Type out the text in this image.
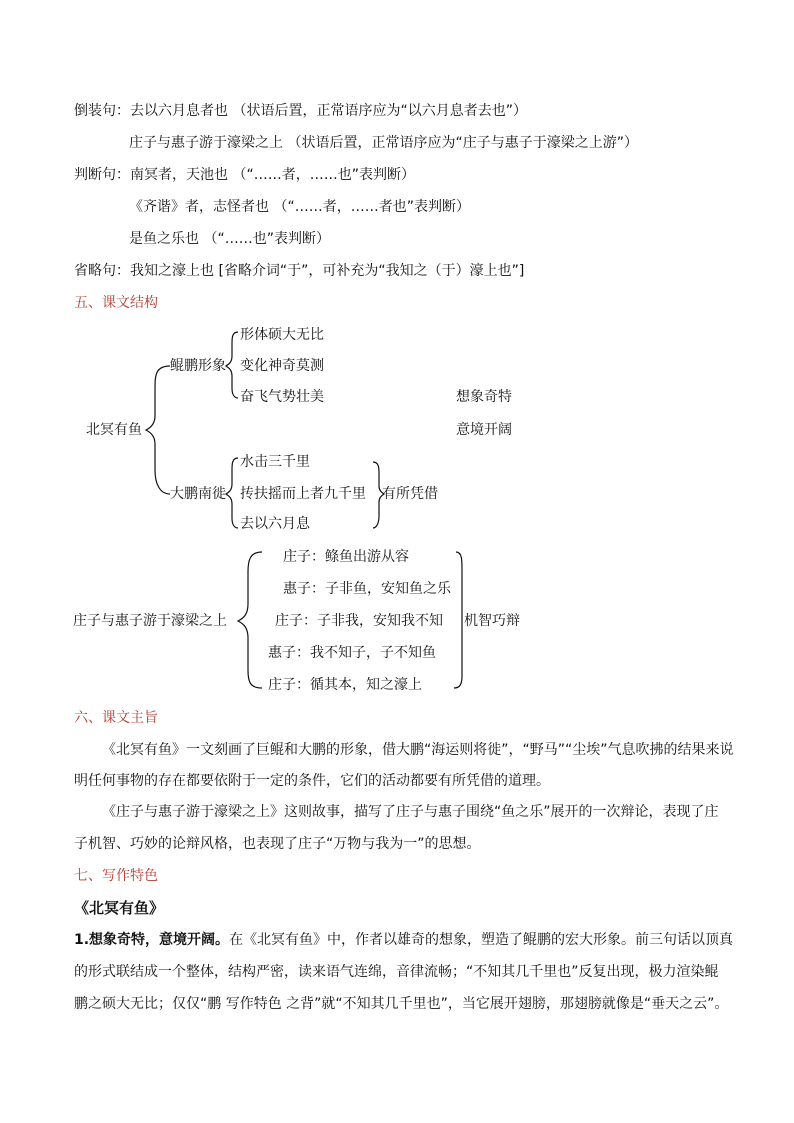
倒装句：去以六月息者也 （状语后置，正常语序应为“以六月息者去也”）
庄子与惠子游于濠梁之上 （状语后置，正常语序应为“庄子与惠子于濠梁之上游”）
判断句：南冥者，天池也 （“……者，……也”表判断）
《齐谐》者，志怪者也 （“……者，……者也”表判断）
是鱼之乐也 （“……也”表判断）
省略句：我知之濠上也 [省略介词“于”，可补充为“我知之（于）濠上也”]
五、课文结构
北冥有鱼
鲲鹏形象
形体硕大无比
变化神奇莫测
奋飞气势壮美	想象奇特
意境开阔
大鹏南徙
水击三千里
抟扶摇而上者九千里
去以六月息
有所凭借
庄子与惠子游于濠梁之上
庄子：鲦鱼出游从容
惠子：子非鱼，安知鱼之乐
庄子：子非我，安知我不知
惠子：我不知子，子不知鱼
庄子：循其本，知之濠上
机智巧辩
六、课文主旨
《北冥有鱼》一文刻画了巨鲲和大鹏的形象，借大鹏“海运则将徙”，“野马”“尘埃”气息吹拂的结果来说
明任何事物的存在都要依附于一定的条件，它们的活动都要有所凭借的道理。
《庄子与惠子游于濠梁之上》这则故事，描写了庄子与惠子围绕“鱼之乐”展开的一次辩论，表现了庄
子机智、巧妙的论辩风格，也表现了庄子“万物与我为一”的思想。
七、写作特色
《北冥有鱼》
1.想象奇特，意境开阔。在《北冥有鱼》中，作者以雄奇的想象，塑造了鲲鹏的宏大形象。前三句话以顶真
的形式联结成一个整体，结构严密，读来语气连绵，音律流畅；“不知其几千里也”反复出现，极力渲染鲲
鹏之硕大无比；仅仅“鹏 写作特色 之背”就“不知其几千里也”，当它展开翅膀，那翅膀就像是“垂天之云”。
